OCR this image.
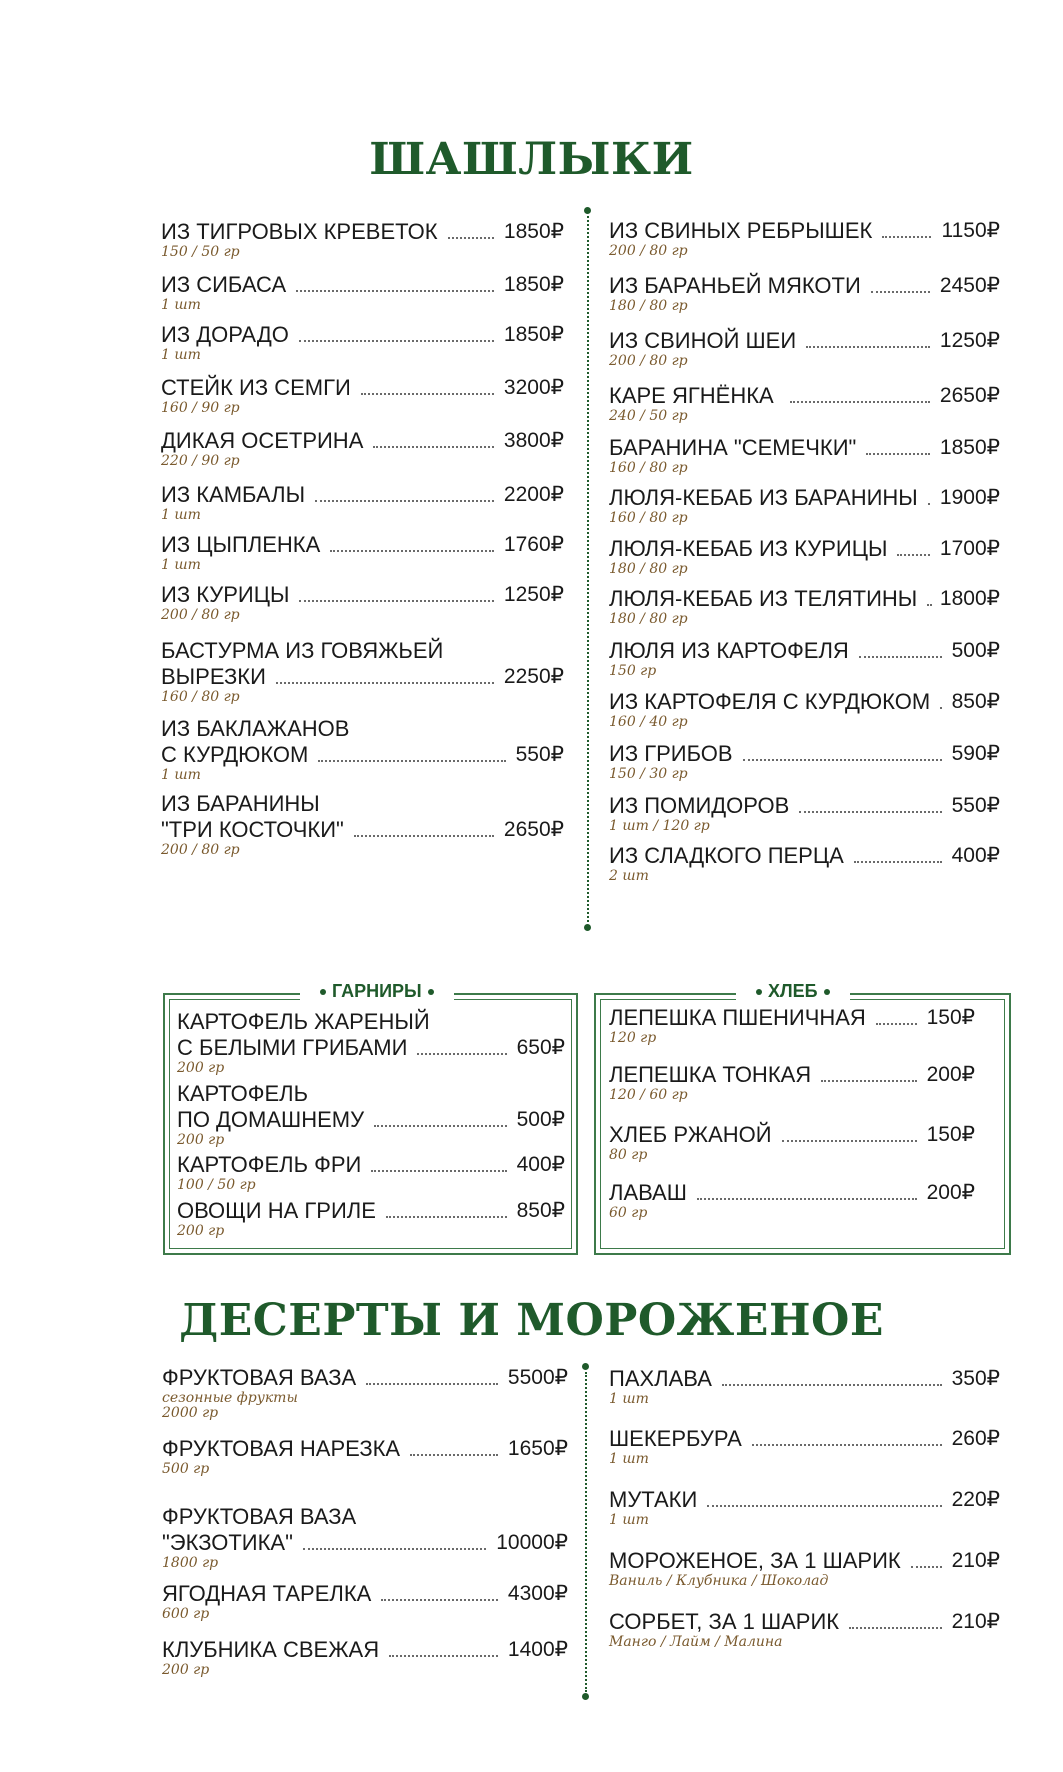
ШАШЛЫКИ
ДЕСЕРТЫ И МОРОЖЕНОЕ
ГАРНИРЫ	ХЛЕБ
ИЗ ТИГРОВЫХ КРЕВЕТОК	1850₽
150 / 50 гр
ИЗ СИБАСА	1850₽
1 шт
ИЗ ДОРАДО	1850₽
1 шт
СТЕЙК ИЗ СЕМГИ	3200₽
160 / 90 гр
ДИКАЯ ОСЕТРИНА	3800₽
220 / 90 гр
ИЗ КАМБАЛЫ	2200₽
1 шт
ИЗ ЦЫПЛЕНКА	1760₽
1 шт
ИЗ КУРИЦЫ	1250₽
200 / 80 гр
БАСТУРМА ИЗ ГОВЯЖЬЕЙ
ВЫРЕЗКИ	2250₽
160 / 80 гр
ИЗ БАКЛАЖАНОВ
С КУРДЮКОМ	550₽
1 шт
ИЗ БАРАНИНЫ
"ТРИ КОСТОЧКИ"	2650₽
200 / 80 гр
ИЗ СВИНЫХ РЕБРЫШЕК	1150₽
200 / 80 гр
ИЗ БАРАНЬЕЙ МЯКОТИ	2450₽
180 / 80 гр
ИЗ СВИНОЙ ШЕИ	1250₽
200 / 80 гр
КАРЕ ЯГНЁНКА	2650₽
240 / 50 гр
БАРАНИНА "СЕМЕЧКИ"	1850₽
160 / 80 гр
ЛЮЛЯ-КЕБАБ ИЗ БАРАНИНЫ 1900₽
160 / 80 гр
ЛЮЛЯ-КЕБАБ ИЗ КУРИЦЫ 1700₽
180 / 80 гр
ЛЮЛЯ-КЕБАБ ИЗ ТЕЛЯТИНЫ 1800₽
180 / 80 гр
ЛЮЛЯ ИЗ КАРТОФЕЛЯ	500₽
150 гр
ИЗ КАРТОФЕЛЯ С КУРДЮКОМ 850₽
160 / 40 гр
ИЗ ГРИБОВ	590₽
150 / 30 гр
ИЗ ПОМИДОРОВ	550₽
1 шт / 120 гр
ИЗ СЛАДКОГО ПЕРЦА	400₽
2 шт
КАРТОФЕЛЬ ЖАРЕНЫЙ
С БЕЛЫМИ ГРИБАМИ	650₽
200 гр
КАРТОФЕЛЬ
ПО ДОМАШНЕМУ	500₽
200 гр
КАРТОФЕЛЬ ФРИ	400₽
100 / 50 гр
ОВОЩИ НА ГРИЛЕ	850₽
200 гр
ЛЕПЕШКА ПШЕНИЧНАЯ	150₽
120 гр
ЛЕПЕШКА ТОНКАЯ	200₽
120 / 60 гр
ХЛЕБ РЖАНОЙ	150₽
80 гр
ЛАВАШ	200₽
60 гр
ФРУКТОВАЯ ВАЗА	5500₽
сезонные фрукты
2000 гр
ФРУКТОВАЯ НАРЕЗКА	1650₽
500 гр
ФРУКТОВАЯ ВАЗА
"ЭКЗОТИКА"	10000₽
1800 гр
ЯГОДНАЯ ТАРЕЛКА	4300₽
600 гр
КЛУБНИКА СВЕЖАЯ	1400₽
200 гр
ПАХЛАВА	350₽
1 шт
ШЕКЕРБУРА	260₽
1 шт
МУТАКИ	220₽
1 шт
МОРОЖЕНОЕ, ЗА 1 ШАРИК 210₽
Ваниль / Клубника / Шоколад
СОРБЕТ, ЗА 1 ШАРИК	210₽
Манго / Лайм / Малина
